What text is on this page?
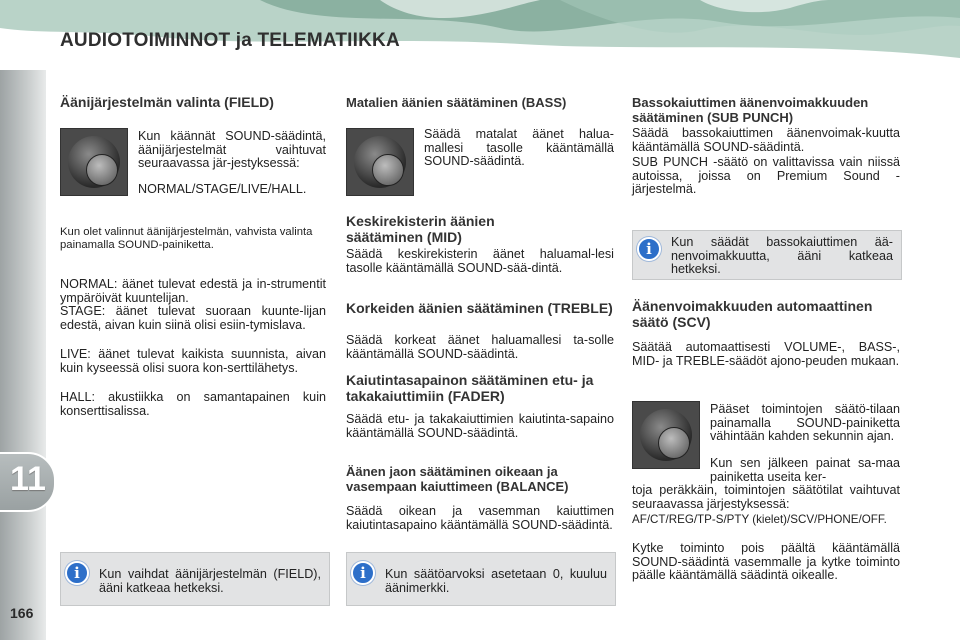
AUDIOTOIMINNOT ja TELEMATIIKKA
11
166
Äänijärjestelmän valinta (FIELD)
Kun käännät SOUND-säädintä, äänijärjestelmät vaihtuvat seuraavassa jär-jestyksessä:
NORMAL/STAGE/LIVE/HALL.
Kun olet valinnut äänijärjestelmän, vahvista valinta painamalla SOUND-painiketta.
NORMAL: äänet tulevat edestä ja in-strumentit ympäröivät kuuntelijan.
STAGE: äänet tulevat suoraan kuunte-lijan edestä, aivan kuin siinä olisi esiin-tymislava.
LIVE: äänet tulevat kaikista suunnista, aivan kuin kyseessä olisi suora kon-serttilähetys.
HALL: akustiikka on samantapainen kuin konserttisalissa.
i	Kun vaihdat äänijärjestelmän (FIELD), ääni katkeaa hetkeksi.
Matalien äänien säätäminen (BASS)
Säädä matalat äänet halua-mallesi tasolle kääntämällä SOUND-säädintä.
Keskirekisterin äänien säätäminen (MID)
Säädä keskirekisterin äänet haluamal-lesi tasolle kääntämällä SOUND-sää-dintä.
Korkeiden äänien säätäminen (TREBLE)
Säädä korkeat äänet haluamallesi ta-solle kääntämällä SOUND-säädintä.
Kaiutintasapainon säätäminen etu- ja takakaiuttimiin (FADER)
Säädä etu- ja takakaiuttimien kaiutinta-sapaino kääntämällä SOUND-säädintä.
Äänen jaon säätäminen oikeaan ja vasempaan kaiuttimeen (BALANCE)
Säädä oikean ja vasemman kaiuttimen kaiutintasapaino kääntämällä SOUND-säädintä.
i	Kun säätöarvoksi asetetaan 0, kuuluu äänimerkki.
Bassokaiuttimen äänenvoimakkuuden säätäminen (SUB PUNCH)
Säädä bassokaiuttimen äänenvoimak-kuutta kääntämällä SOUND-säädintä.
SUB PUNCH -säätö on valittavissa vain niissä autoissa, joissa on Premium Sound -järjestelmä.
i	Kun säädät bassokaiuttimen ää-nenvoimakkuutta, ääni katkeaa hetkeksi.
Äänenvoimakkuuden automaattinen säätö (SCV)
Säätää automaattisesti VOLUME-, BASS-, MID- ja TREBLE-säädöt ajono-peuden mukaan.
Pääset toimintojen säätö-tilaan painamalla SOUND-painiketta vähintään kahden sekunnin ajan.
Kun sen jälkeen painat sa-maa painiketta useita ker-
toja peräkkäin, toimintojen säätötilat vaihtuvat seuraavassa järjestyksessä:
AF/CT/REG/TP-S/PTY (kielet)/SCV/PHONE/OFF.
Kytke toiminto pois päältä kääntämällä SOUND-säädintä vasemmalle ja kytke toiminto päälle kääntämällä säädintä oikealle.
